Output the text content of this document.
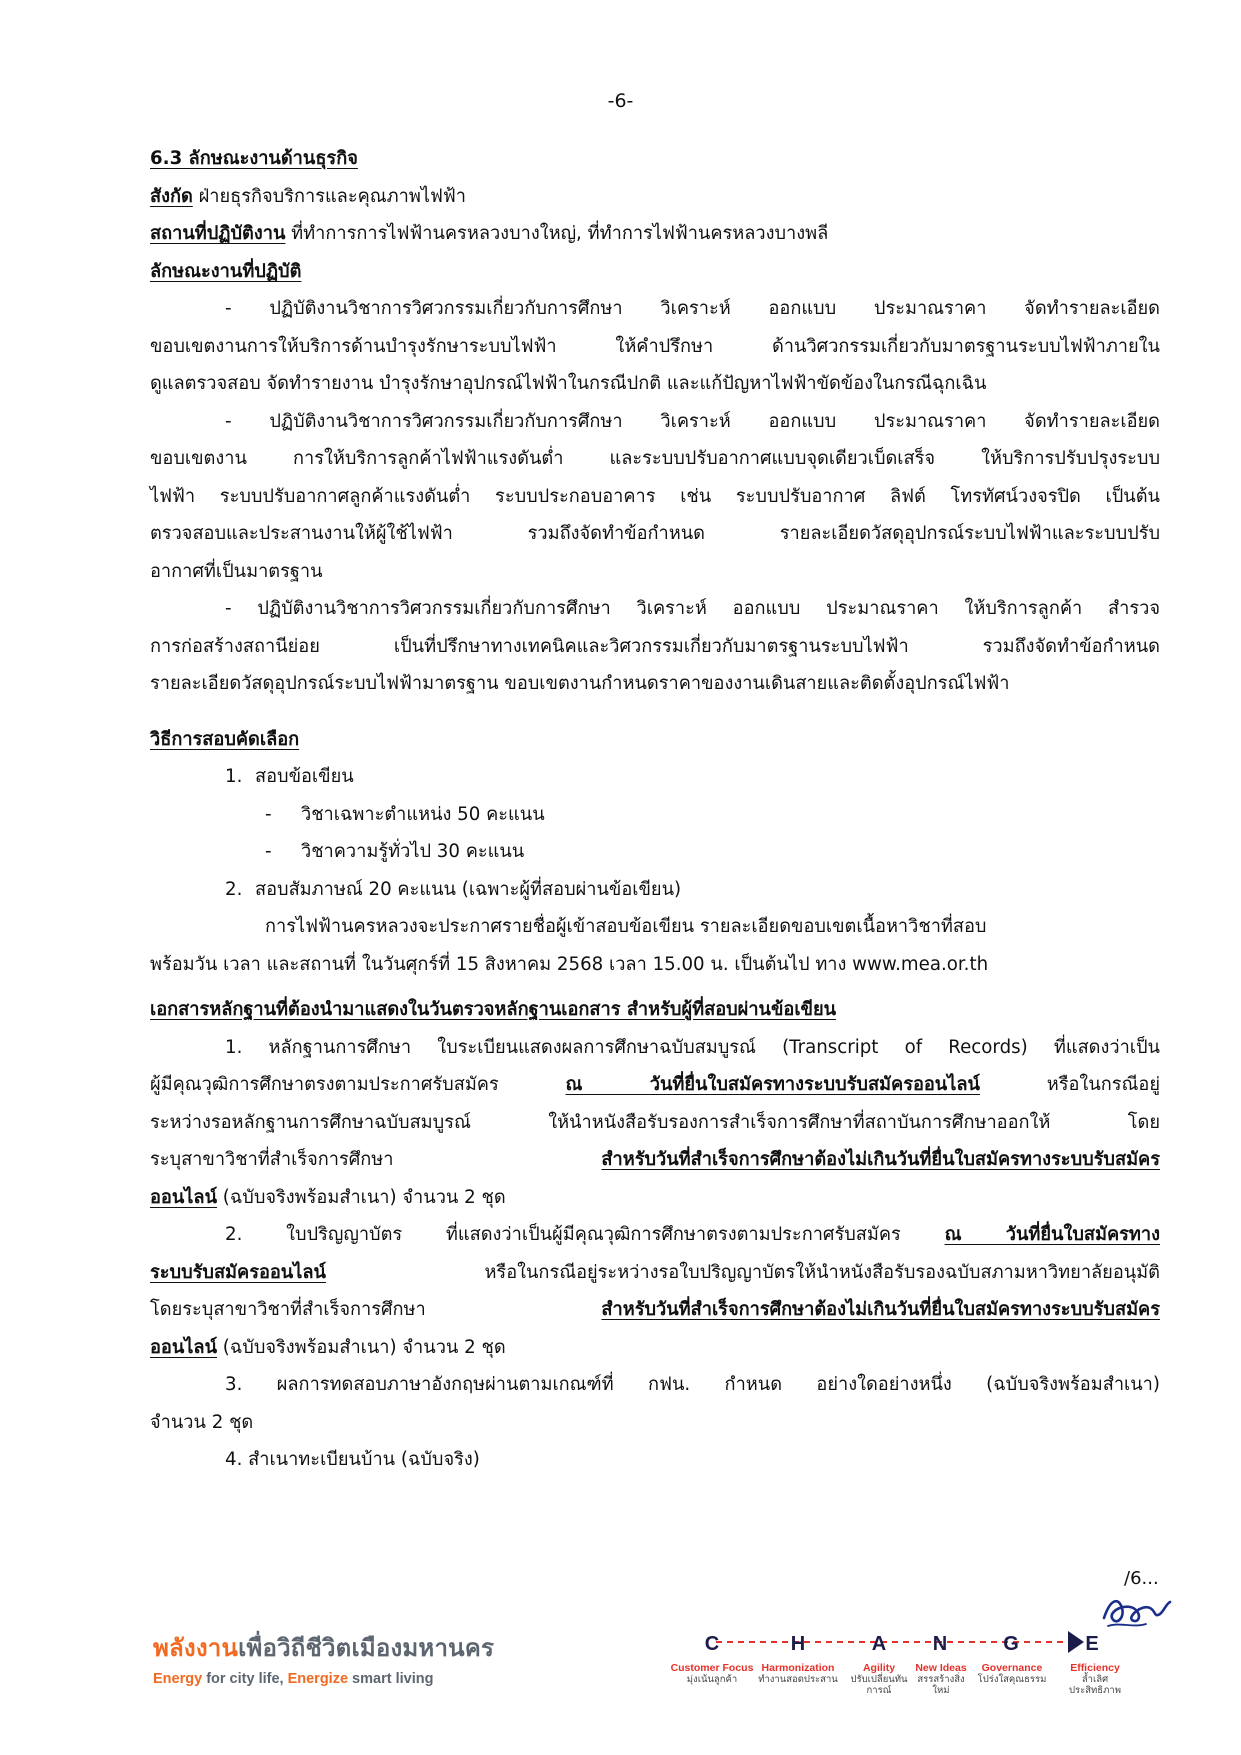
-6-
6.3 ลักษณะงานด้านธุรกิจ
สังกัด ฝ่ายธุรกิจบริการและคุณภาพไฟฟ้า
สถานที่ปฏิบัติงาน ที่ทำการการไฟฟ้านครหลวงบางใหญ่, ที่ทำการไฟฟ้านครหลวงบางพลี
ลักษณะงานที่ปฏิบัติ
- ปฏิบัติงานวิชาการวิศวกรรมเกี่ยวกับการศึกษา วิเคราะห์ ออกแบบ ประมาณราคา จัดทำรายละเอียด
ขอบเขตงานการให้บริการด้านบำรุงรักษาระบบไฟฟ้า ให้คำปรึกษา ด้านวิศวกรรมเกี่ยวกับมาตรฐานระบบไฟฟ้าภายใน
ดูแลตรวจสอบ จัดทำรายงาน บำรุงรักษาอุปกรณ์ไฟฟ้าในกรณีปกติ และแก้ปัญหาไฟฟ้าขัดข้องในกรณีฉุกเฉิน
- ปฏิบัติงานวิชาการวิศวกรรมเกี่ยวกับการศึกษา วิเคราะห์ ออกแบบ ประมาณราคา จัดทำรายละเอียด
ขอบเขตงาน การให้บริการลูกค้าไฟฟ้าแรงดันต่ำ และระบบปรับอากาศแบบจุดเดียวเบ็ดเสร็จ ให้บริการปรับปรุงระบบ
ไฟฟ้า ระบบปรับอากาศลูกค้าแรงดันต่ำ ระบบประกอบอาคาร เช่น ระบบปรับอากาศ ลิฟต์ โทรทัศน์วงจรปิด เป็นต้น
ตรวจสอบและประสานงานให้ผู้ใช้ไฟฟ้า รวมถึงจัดทำข้อกำหนด รายละเอียดวัสดุอุปกรณ์ระบบไฟฟ้าและระบบปรับ
อากาศที่เป็นมาตรฐาน
- ปฏิบัติงานวิชาการวิศวกรรมเกี่ยวกับการศึกษา วิเคราะห์ ออกแบบ ประมาณราคา ให้บริการลูกค้า สำรวจ
การก่อสร้างสถานีย่อย เป็นที่ปรึกษาทางเทคนิคและวิศวกรรมเกี่ยวกับมาตรฐานระบบไฟฟ้า รวมถึงจัดทำข้อกำหนด
รายละเอียดวัสดุอุปกรณ์ระบบไฟฟ้ามาตรฐาน ขอบเขตงานกำหนดราคาของงานเดินสายและติดตั้งอุปกรณ์ไฟฟ้า
วิธีการสอบคัดเลือก
1. สอบข้อเขียน
- วิชาเฉพาะตำแหน่ง 50 คะแนน
- วิชาความรู้ทั่วไป 30 คะแนน
2. สอบสัมภาษณ์ 20 คะแนน (เฉพาะผู้ที่สอบผ่านข้อเขียน)
การไฟฟ้านครหลวงจะประกาศรายชื่อผู้เข้าสอบข้อเขียน รายละเอียดขอบเขตเนื้อหาวิชาที่สอบ
พร้อมวัน เวลา และสถานที่ ในวันศุกร์ที่ 15 สิงหาคม 2568 เวลา 15.00 น. เป็นต้นไป ทาง www.mea.or.th
เอกสารหลักฐานที่ต้องนำมาแสดงในวันตรวจหลักฐานเอกสาร สำหรับผู้ที่สอบผ่านข้อเขียน
1. หลักฐานการศึกษา ใบระเบียนแสดงผลการศึกษาฉบับสมบูรณ์ (Transcript of Records) ที่แสดงว่าเป็น
ผู้มีคุณวุฒิการศึกษาตรงตามประกาศรับสมัคร ณ วันที่ยื่นใบสมัครทางระบบรับสมัครออนไลน์ หรือในกรณีอยู่
ระหว่างรอหลักฐานการศึกษาฉบับสมบูรณ์ ให้นำหนังสือรับรองการสำเร็จการศึกษาที่สถาบันการศึกษาออกให้ โดย
ระบุสาขาวิชาที่สำเร็จการศึกษา สำหรับวันที่สำเร็จการศึกษาต้องไม่เกินวันที่ยื่นใบสมัครทางระบบรับสมัคร
ออนไลน์ (ฉบับจริงพร้อมสำเนา) จำนวน 2 ชุด
2. ใบปริญญาบัตร ที่แสดงว่าเป็นผู้มีคุณวุฒิการศึกษาตรงตามประกาศรับสมัคร ณ วันที่ยื่นใบสมัครทาง
ระบบรับสมัครออนไลน์ หรือในกรณีอยู่ระหว่างรอใบปริญญาบัตรให้นำหนังสือรับรองฉบับสภามหาวิทยาลัยอนุมัติ
โดยระบุสาขาวิชาที่สำเร็จการศึกษา สำหรับวันที่สำเร็จการศึกษาต้องไม่เกินวันที่ยื่นใบสมัครทางระบบรับสมัคร
ออนไลน์ (ฉบับจริงพร้อมสำเนา) จำนวน 2 ชุด
3. ผลการทดสอบภาษาอังกฤษผ่านตามเกณฑ์ที่ กฟน. กำหนด อย่างใดอย่างหนึ่ง (ฉบับจริงพร้อมสำเนา)
จำนวน 2 ชุด
4. สำเนาทะเบียนบ้าน (ฉบับจริง)
/6...
พลังงานเพื่อวิถีชีวิตเมืองมหานคร
Energy for city life, Energize smart living
C	H	A N	G	E
Customer Focus
มุ่งเน้นลูกค้า
Harmonization
ทำงานสอดประสาน
Agility
ปรับเปลี่ยนทันการณ์
New Ideas
สรรสร้างสิ่งใหม่
Governance
โปร่งใสคุณธรรม
Efficiency
ล้ำเลิศประสิทธิภาพ
